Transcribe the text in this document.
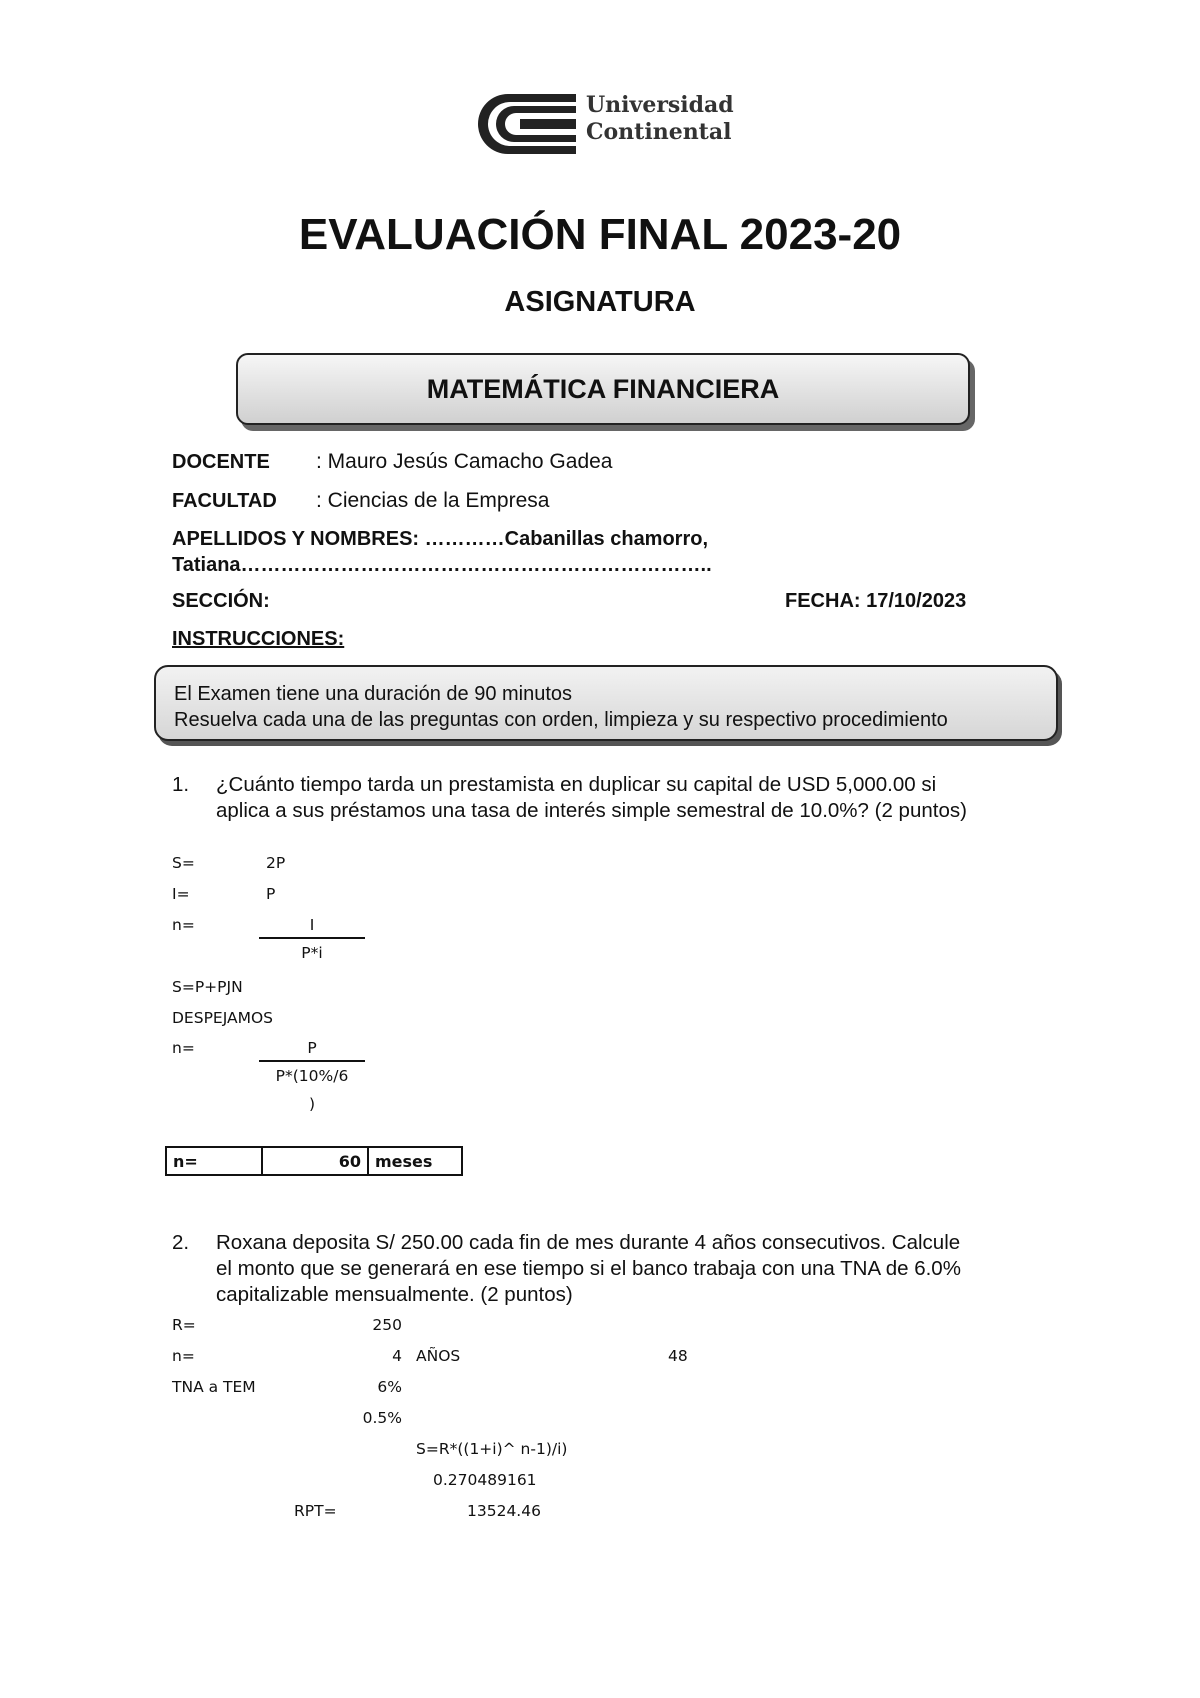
Universidad
Continental
EVALUACIÓN FINAL 2023-20
ASIGNATURA
MATEMÁTICA FINANCIERA
DOCENTE : Mauro Jesús Camacho Gadea
FACULTAD : Ciencias de la Empresa
APELLIDOS Y NOMBRES: …………Cabanillas chamorro,
Tatiana……………………………………………………………..
SECCIÓN:	FECHA: 17/10/2023
INSTRUCCIONES:
El Examen tiene una duración de 90 minutos
Resuelva cada una de las preguntas con orden, limpieza y su respectivo procedimiento
1. ¿Cuánto tiempo tarda un prestamista en duplicar su capital de USD 5,000.00 si
aplica a sus préstamos una tasa de interés simple semestral de 10.0%? (2 puntos)
S=	2P
I=	P
n=	I
P*i
S=P+PJN
DESPEJAMOS
n=	P
P*(10%/6
)
n=	60	meses
2. Roxana deposita S/ 250.00 cada fin de mes durante 4 años consecutivos. Calcule
el monto que se generará en ese tiempo si el banco trabaja con una TNA de 6.0%
capitalizable mensualmente. (2 puntos)
R=	250
n=	4 AÑOS	48
TNA a TEM	6%
0.5%
S=R*((1+i)^ n-1)/i)
0.270489161
RPT=	13524.46
